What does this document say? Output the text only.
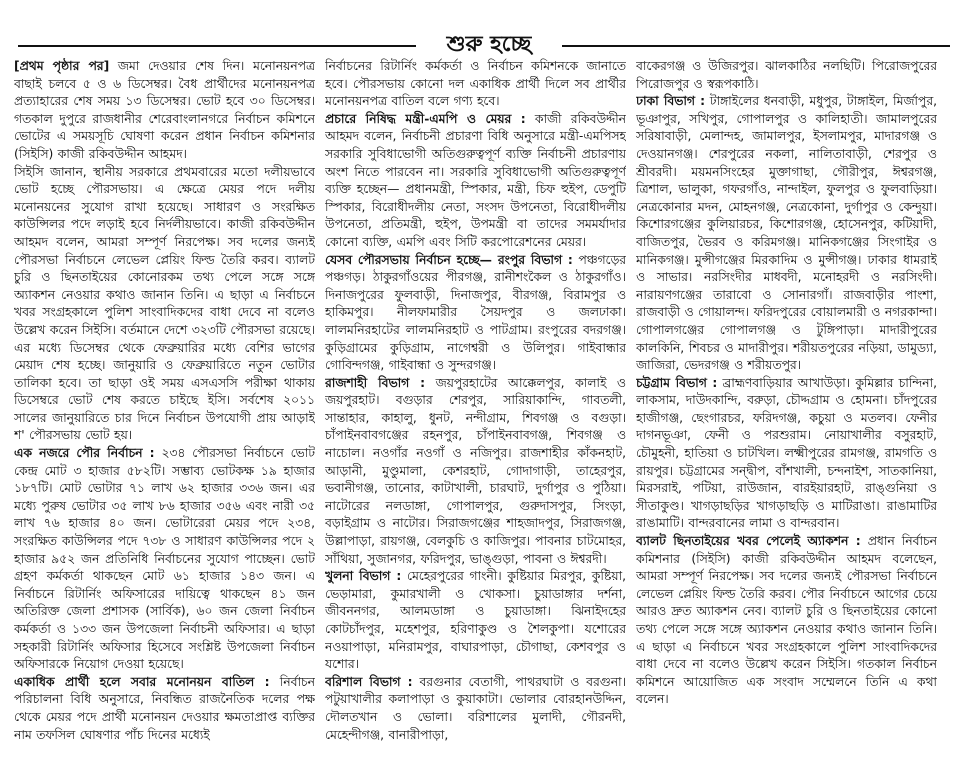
শুরু হচ্ছে

[প্রথম পৃষ্ঠার পর] জমা দেওয়ার শেষ দিন। মনোনয়নপত্র বাছাই চলবে ৫ ও ৬ ডিসেম্বর। বৈধ প্রার্থীদের মনোনয়নপত্র প্রত্যাহারের শেষ সময় ১৩ ডিসেম্বর। ভোট হবে ৩০ ডিসেম্বর। গতকাল দুপুরে রাজধানীর শেরেবাংলানগরে নির্বাচন কমিশনে ভোটের এ সময়সূচি ঘোষণা করেন প্রধান নির্বাচন কমিশনার (সিইসি) কাজী রকিবউদ্দীন আহমদ।

সিইসি জানান, স্থানীয় সরকারে প্রথমবারের মতো দলীয়ভাবে ভোট হচ্ছে পৌরসভায়। এ ক্ষেত্রে মেয়র পদে দলীয় মনোনয়নের সুযোগ রাখা হয়েছে। সাধারণ ও সংরক্ষিত কাউন্সিলর পদে লড়াই হবে নির্দলীয়ভাবে। কাজী রকিবউদ্দীন আহমদ বলেন, আমরা সম্পূর্ণ নিরপেক্ষ। সব দলের জন্যই পৌরসভা নির্বাচনে লেভেল প্লেয়িং ফিল্ড তৈরি করব। ব্যালট চুরি ও ছিনতাইয়ের কোনোরকম তথ্য পেলে সঙ্গে সঙ্গে অ্যাকশন নেওয়ার কথাও জানান তিনি। এ ছাড়া এ নির্বাচনে খবর সংগ্রহকালে পুলিশ সাংবাদিকদের বাধা দেবে না বলেও উল্লেখ করেন সিইসি। বর্তমানে দেশে ৩২৩টি পৌরসভা রয়েছে। এর মধ্যে ডিসেম্বর থেকে ফেব্রুয়ারির মধ্যে বেশির ভাগের মেয়াদ শেষ হচ্ছে। জানুয়ারি ও ফেব্রুয়ারিতে নতুন ভোটার তালিকা হবে। তা ছাড়া ওই সময় এসএসসি পরীক্ষা থাকায় ডিসেম্বরে ভোট শেষ করতে চাইছে ইসি। সর্বশেষ ২০১১ সালের জানুয়ারিতে চার দিনে নির্বাচন উপযোগী প্রায় আড়াই শ' পৌরসভায় ভোট হয়।

এক নজরে পৌর নির্বাচন : ২৩৪ পৌরসভা নির্বাচনে ভোট কেন্দ্র মোট ৩ হাজার ৫৮২টি। সম্ভাব্য ভোটকক্ষ ১৯ হাজার ১৮৭টি। মোট ভোটার ৭১ লাখ ৬২ হাজার ৩৩৬ জন। এর মধ্যে পুরুষ ভোটার ৩৫ লাখ ৮৬ হাজার ৩৫৬ এবং নারী ৩৫ লাখ ৭৬ হাজার ৪০ জন। ভোটারেরা মেয়র পদে ২৩৪, সংরক্ষিত কাউন্সিলর পদে ৭৩৮ ও সাধারণ কাউন্সিলর পদে ২ হাজার ৯৫২ জন প্রতিনিধি নির্বাচনের সুযোগ পাচ্ছেন। ভোট গ্রহণ কর্মকর্তা থাকছেন মোট ৬১ হাজার ১৪৩ জন। এ নির্বাচনে রিটার্নিং অফিসারের দায়িত্বে থাকছেন ৪১ জন অতিরিক্ত জেলা প্রশাসক (সার্বিক), ৬০ জন জেলা নির্বাচন কর্মকর্তা ও ১৩৩ জন উপজেলা নির্বাচনী অফিসার। এ ছাড়া সহকারী রিটার্নিং অফিসার হিসেবে সংশ্লিষ্ট উপজেলা নির্বাচন অফিসারকে নিয়োগ দেওয়া হয়েছে।

একাধিক প্রার্থী হলে সবার মনোনয়ন বাতিল : নির্বাচন পরিচালনা বিধি অনুসারে, নিবন্ধিত রাজনৈতিক দলের পক্ষ থেকে মেয়র পদে প্রার্থী মনোনয়ন দেওয়ার ক্ষমতাপ্রাপ্ত ব্যক্তির নাম তফসিল ঘোষণার পাঁচ দিনের মধ্যেই

নির্বাচনের রিটার্নিং কর্মকর্তা ও নির্বাচন কমিশনকে জানাতে হবে। পৌরসভায় কোনো দল একাধিক প্রার্থী দিলে সব প্রার্থীর মনোনয়নপত্র বাতিল বলে গণ্য হবে।

প্রচারে নিষিদ্ধ মন্ত্রী-এমপি ও মেয়র : কাজী রকিবউদ্দীন আহমদ বলেন, নির্বাচনী প্রচারণা বিধি অনুসারে মন্ত্রী-এমপিসহ সরকারি সুবিধাভোগী অতিগুরুত্বপূর্ণ ব্যক্তি নির্বাচনী প্রচারণায় অংশ নিতে পারবেন না। সরকারি সুবিধাভোগী অতিগুরুত্বপূর্ণ ব্যক্তি হচ্ছেন— প্রধানমন্ত্রী, স্পিকার, মন্ত্রী, চিফ হুইপ, ডেপুটি স্পিকার, বিরোধীদলীয় নেতা, সংসদ উপনেতা, বিরোধীদলীয় উপনেতা, প্রতিমন্ত্রী, হুইপ, উপমন্ত্রী বা তাদের সমমর্যাদার কোনো ব্যক্তি, এমপি এবং সিটি করপোরেশনের মেয়র।

যেসব পৌরসভায় নির্বাচন হচ্ছে— রংপুর বিভাগ : পঞ্চগড়ের পঞ্চগড়। ঠাকুরগাঁওয়ের পীরগঞ্জ, রানীশংকৈল ও ঠাকুরগাঁও। দিনাজপুরের ফুলবাড়ী, দিনাজপুর, বীরগঞ্জ, বিরামপুর ও হাকিমপুর। নীলফামারীর সৈয়দপুর ও জলঢাকা। লালমনিরহাটের লালমনিরহাট ও পাটগ্রাম। রংপুরের বদরগঞ্জ। কুড়িগ্রামের কুড়িগ্রাম, নাগেশ্বরী ও উলিপুর। গাইবান্ধার গোবিন্দগঞ্জ, গাইবান্ধা ও সুন্দরগঞ্জ।

রাজশাহী বিভাগ : জয়পুরহাটের আক্কেলপুর, কালাই ও জয়পুরহাট। বগুড়ার শেরপুর, সারিয়াকান্দি, গাবতলী, সান্তাহার, কাহালু, ধুনট, নন্দীগ্রাম, শিবগঞ্জ ও বগুড়া। চাঁপাইনবাবগঞ্জের রহনপুর, চাঁপাইনবাবগঞ্জ, শিবগঞ্জ ও নাচোল। নওগাঁর নওগাঁ ও নজিপুর। রাজশাহীর কাঁকনহাট, আড়ানী, মুণ্ডুমালা, কেশরহাট, গোদাগাড়ী, তাহেরপুর, ভবানীগঞ্জ, তানোর, কাটাখালী, চারঘাট, দুর্গাপুর ও পুঠিয়া। নাটোরের নলডাঙ্গা, গোপালপুর, গুরুদাসপুর, সিংড়া, বড়াইগ্রাম ও নাটোর। সিরাজগঞ্জের শাহজাদপুর, সিরাজগঞ্জ, উল্লাপাড়া, রায়গঞ্জ, বেলকুচি ও কাজিপুর। পাবনার চাটমোহর, সাঁথিয়া, সুজানগর, ফরিদপুর, ভাঙ্গুড়া, পাবনা ও ঈশ্বরদী।

খুলনা বিভাগ : মেহেরপুরের গাংনী। কুষ্টিয়ার মিরপুর, কুষ্টিয়া, ভেড়ামারা, কুমারখালী ও খোকসা। চুয়াডাঙ্গার দর্শনা, জীবননগর, আলমডাঙ্গা ও চুয়াডাঙ্গা। ঝিনাইদহের কোটচাঁদপুর, মহেশপুর, হরিণাকুণ্ড ও শৈলকুপা। যশোরের নওয়াপাড়া, মনিরামপুর, বাঘারপাড়া, চৌগাছা, কেশবপুর ও যশোর।

বরিশাল বিভাগ : বরগুনার বেতাগী, পাথরঘাটা ও বরগুনা। পটুয়াখালীর কলাপাড়া ও কুয়াকাটা। ভোলার বোরহানউদ্দিন, দৌলতখান ও ভোলা। বরিশালের মুলাদী, গৌরনদী, মেহেন্দীগঞ্জ, বানারীপাড়া,

বাকেরগঞ্জ ও উজিরপুর। ঝালকাঠির নলছিটি। পিরোজপুরের পিরোজপুর ও স্বরূপকাঠি।

ঢাকা বিভাগ : টাঙ্গাইলের ধনবাড়ী, মধুপুর, টাঙ্গাইল, মির্জাপুর, ভূঞাপুর, সখিপুর, গোপালপুর ও কালিহাতী। জামালপুরের সরিষাবাড়ী, মেলান্দহ, জামালপুর, ইসলামপুর, মাদারগঞ্জ ও দেওয়ানগঞ্জ। শেরপুরের নকলা, নালিতাবাড়ী, শেরপুর ও শ্রীবরদী। ময়মনসিংহের মুক্তাগাছা, গৌরীপুর, ঈশ্বরগঞ্জ, ত্রিশাল, ভালুকা, গফরগাঁও, নান্দাইল, ফুলপুর ও ফুলবাড়িয়া। নেত্রকোনার মদন, মোহনগঞ্জ, নেত্রকোনা, দুর্গাপুর ও কেন্দুয়া। কিশোরগঞ্জের কুলিয়ারচর, কিশোরগঞ্জ, হোসেনপুর, কটিয়াদী, বাজিতপুর, ভৈরব ও করিমগঞ্জ। মানিকগঞ্জের সিংগাইর ও মানিকগঞ্জ। মুন্সীগঞ্জের মিরকাদিম ও মুন্সীগঞ্জ। ঢাকার ধামরাই ও সাভার। নরসিংদীর মাধবদী, মনোহরদী ও নরসিংদী। নারায়ণগঞ্জের তারাবো ও সোনারগাঁ। রাজবাড়ীর পাংশা, রাজবাড়ী ও গোয়ালন্দ। ফরিদপুরের বোয়ালমারী ও নগরকান্দা। গোপালগঞ্জের গোপালগঞ্জ ও টুঙ্গিপাড়া। মাদারীপুরের কালকিনি, শিবচর ও মাদারীপুর। শরীয়তপুরের নড়িয়া, ডামুড্যা, জাজিরা, ভেদরগঞ্জ ও শরীয়তপুর।

চট্টগ্রাম বিভাগ : ব্রাহ্মণবাড়িয়ার আখাউড়া। কুমিল্লার চান্দিনা, লাকসাম, দাউদকান্দি, বরুড়া, চৌদ্দগ্রাম ও হোমনা। চাঁদপুরের হাজীগঞ্জ, ছেংগারচর, ফরিদগঞ্জ, কচুয়া ও মতলব। ফেনীর দাগনভূঞা, ফেনী ও পরশুরাম। নোয়াখালীর বসুরহাট, চৌমুহনী, হাতিয়া ও চাটখিল। লক্ষ্মীপুরের রামগঞ্জ, রামগতি ও রায়পুর। চট্টগ্রামের সন্দ্বীপ, বাঁশখালী, চন্দনাইশ, সাতকানিয়া, মিরসরাই, পটিয়া, রাউজান, বারইয়ারহাট, রাঙ্গুনিয়া ও সীতাকুণ্ড। খাগড়াছড়ির খাগড়াছড়ি ও মাটিরাঙা। রাঙামাটির রাঙামাটি। বান্দরবানের লামা ও বান্দরবান।

ব্যালট ছিনতাইয়ের খবর পেলেই অ্যাকশন : প্রধান নির্বাচন কমিশনার (সিইসি) কাজী রকিবউদ্দীন আহমদ বলেছেন, আমরা সম্পূর্ণ নিরপেক্ষ। সব দলের জন্যই পৌরসভা নির্বাচনে লেভেল প্লেয়িং ফিল্ড তৈরি করব। পৌর নির্বাচনে আগের চেয়ে আরও দ্রুত অ্যাকশন নেব। ব্যালট চুরি ও ছিনতাইয়ের কোনো তথ্য পেলে সঙ্গে সঙ্গে অ্যাকশন নেওয়ার কথাও জানান তিনি। এ ছাড়া এ নির্বাচনে খবর সংগ্রহকালে পুলিশ সাংবাদিকদের বাধা দেবে না বলেও উল্লেখ করেন সিইসি। গতকাল নির্বাচন কমিশনে আয়োজিত এক সংবাদ সম্মেলনে তিনি এ কথা বলেন।
